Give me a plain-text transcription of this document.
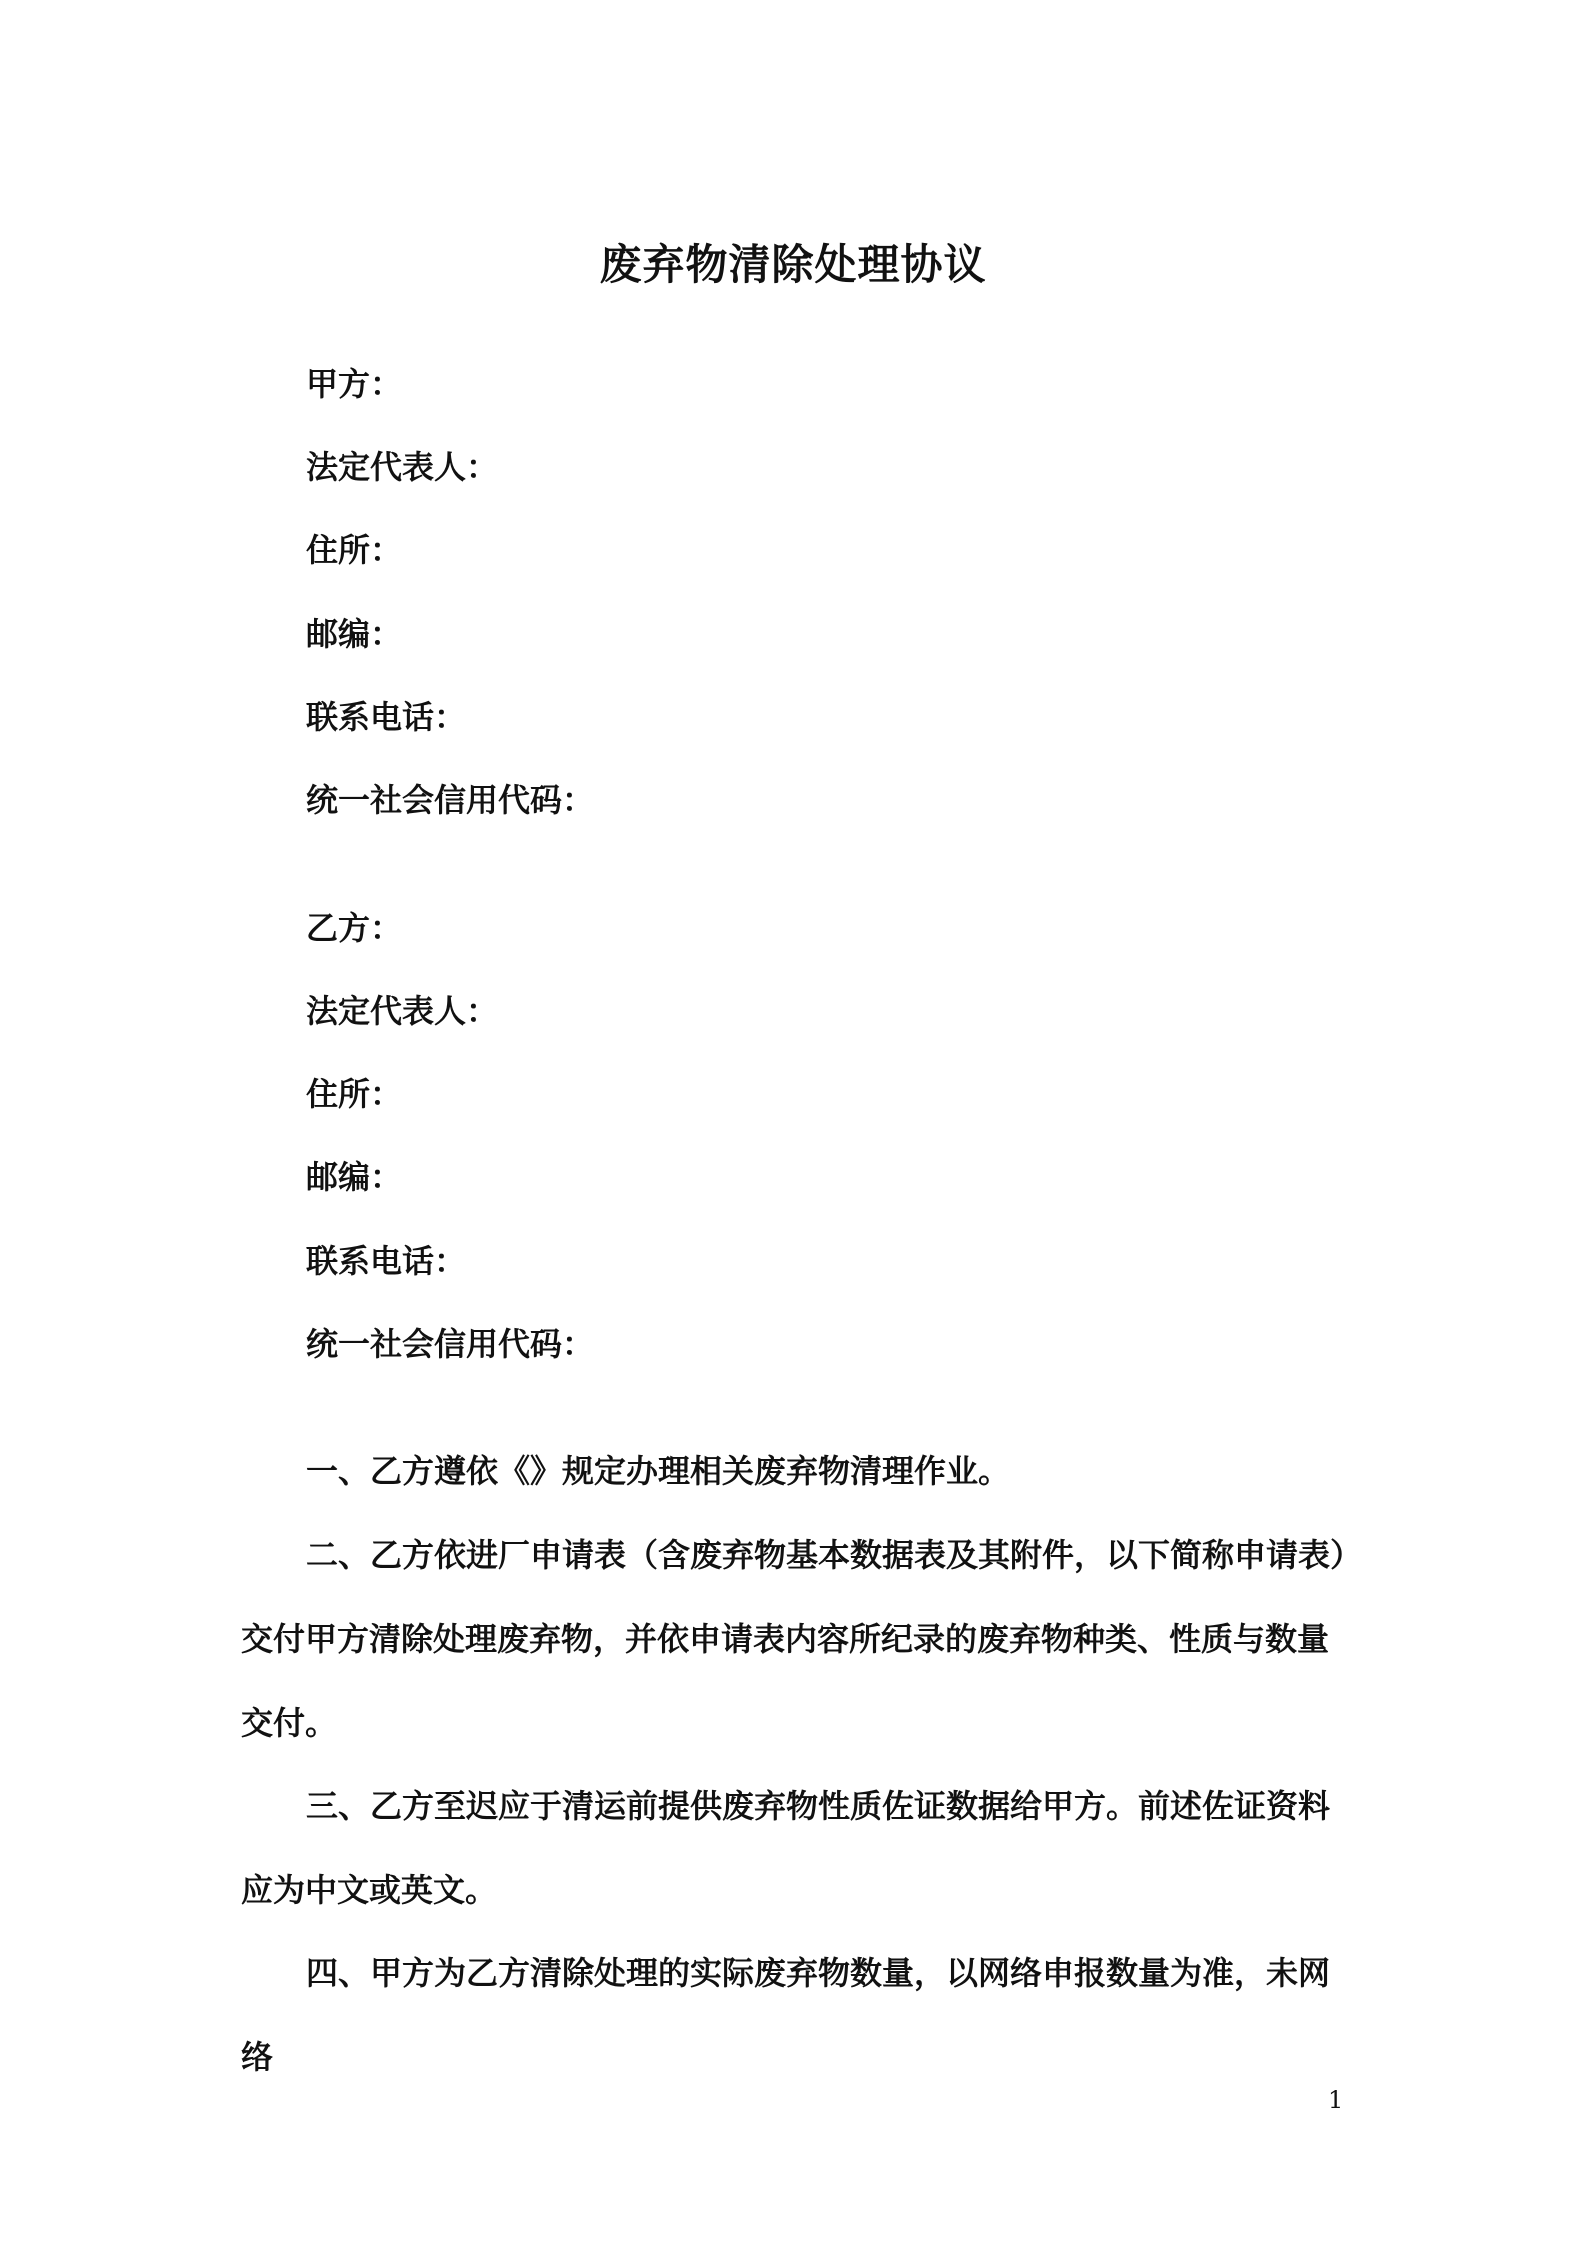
废弃物清除处理协议

甲方：

法定代表人：

住所：

邮编：

联系电话：

统一社会信用代码：

乙方：

法定代表人：

住所：

邮编：

联系电话：

统一社会信用代码：

一、乙方遵依《》规定办理相关废弃物清理作业。

二、乙方依进厂申请表（含废弃物基本数据表及其附件，以下简称申请表）交付甲方清除处理废弃物，并依申请表内容所纪录的废弃物种类、性质与数量交付。

三、乙方至迟应于清运前提供废弃物性质佐证数据给甲方。前述佐证资料应为中文或英文。

四、甲方为乙方清除处理的实际废弃物数量，以网络申报数量为准，未网络

1
